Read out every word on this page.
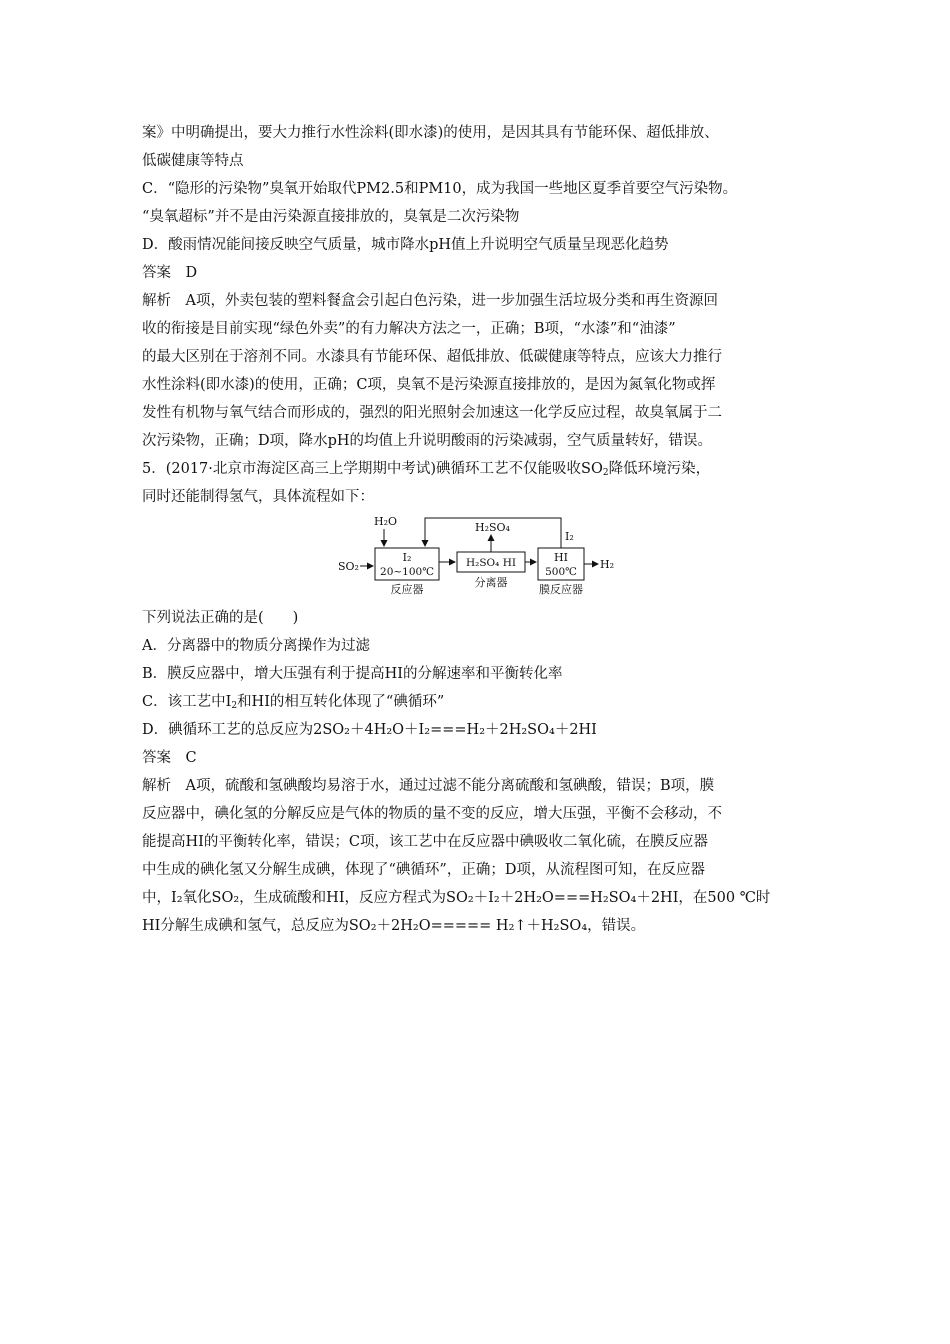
案》中明确提出，要大力推行水性涂料(即水漆)的使用，是因其具有节能环保、超低排放、
低碳健康等特点
C．“隐形的污染物”臭氧开始取代PM2.5和PM10，成为我国一些地区夏季首要空气污染物。
“臭氧超标”并不是由污染源直接排放的，臭氧是二次污染物
D．酸雨情况能间接反映空气质量，城市降水pH值上升说明空气质量呈现恶化趋势
答案　 D
解析　A项，外卖包装的塑料餐盒会引起白色污染，进一步加强生活垃圾分类和再生资源回
收的衔接是目前实现“绿色外卖”的有力解决方法之一，正确；B项，“水漆”和“油漆”
的最大区别在于溶剂不同。水漆具有节能环保、超低排放、低碳健康等特点，应该大力推行
水性涂料(即水漆)的使用，正确；C项，臭氧不是污染源直接排放的，是因为氮氧化物或挥
发性有机物与氧气结合而形成的，强烈的阳光照射会加速这一化学反应过程，故臭氧属于二
次污染物，正确；D项，降水pH的均值上升说明酸雨的污染减弱，空气质量转好，错误。
5．(2017·北京市海淀区高三上学期期中考试)碘循环工艺不仅能吸收$SO_2$降低环境污染，
同时还能制得氢气，具体流程如下：
下列说法正确的是(　　)
A．分离器中的物质分离操作为过滤
B．膜反应器中，增大压强有利于提高HI的分解速率和平衡转化率
C．该工艺中$I_2$和HI的相互转化体现了“碘循环”
D．碘循环工艺的总反应为2SO₂＋4H₂O＋I₂===H₂＋2H₂SO₄＋2HI
答案　 C
解析　A项，硫酸和氢碘酸均易溶于水，通过过滤不能分离硫酸和氢碘酸，错误；B项，膜
反应器中，碘化氢的分解反应是气体的物质的量不变的反应，增大压强，平衡不会移动，不
能提高HI的平衡转化率，错误；C项，该工艺中在反应器中碘吸收二氧化硫，在膜反应器
中生成的碘化氢又分解生成碘，体现了“碘循环”，正确；D项，从流程图可知，在反应器
中，I₂氧化SO₂，生成硫酸和HI，反应方程式为SO₂＋I₂＋2H₂O===H₂SO₄＋2HI，在500 ℃时
HI分解生成碘和氢气，总反应为SO₂＋2H₂O===== H₂↑＋H₂SO₄，错误。
H₂O
SO₂
I₂
20~100℃
反应器
H₂SO₄ HI
分离器
H₂SO₄
HI
500℃
膜反应器
I₂
H₂
